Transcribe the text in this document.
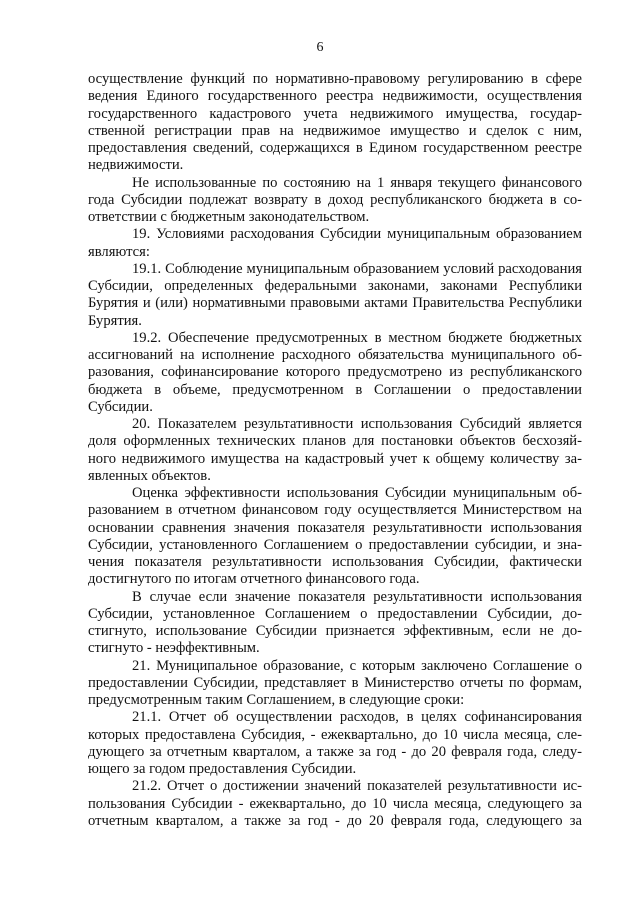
6

осуществление функций по нормативно-правовому регулированию в сфере ведения Единого государственного реестра недвижимости, осуществления государственного кадастрового учета недвижимого имущества, государственной регистрации прав на недвижимое имущество и сделок с ним, предоставления сведений, содержащихся в Едином государственном реестре недвижимости.

Не использованные по состоянию на 1 января текущего финансового года Субсидии подлежат возврату в доход республиканского бюджета в соответствии с бюджетным законодательством.

19. Условиями расходования Субсидии муниципальным образованием являются:

19.1. Соблюдение муниципальным образованием условий расходования Субсидии, определенных федеральными законами, законами Республики Бурятия и (или) нормативными правовыми актами Правительства Республики Бурятия.

19.2. Обеспечение предусмотренных в местном бюджете бюджетных ассигнований на исполнение расходного обязательства муниципального образования, софинансирование которого предусмотрено из республиканского бюджета в объеме, предусмотренном в Соглашении о предоставлении Субсидии.

20. Показателем результативности использования Субсидий является доля оформленных технических планов для постановки объектов бесхозяйного недвижимого имущества на кадастровый учет к общему количеству заявленных объектов.

Оценка эффективности использования Субсидии муниципальным образованием в отчетном финансовом году осуществляется Министерством на основании сравнения значения показателя результативности использования Субсидии, установленного Соглашением о предоставлении субсидии, и значения показателя результативности использования Субсидии, фактически достигнутого по итогам отчетного финансового года.

В случае если значение показателя результативности использования Субсидии, установленное Соглашением о предоставлении Субсидии, достигнуто, использование Субсидии признается эффективным, если не достигнуто - неэффективным.

21. Муниципальное образование, с которым заключено Соглашение о предоставлении Субсидии, представляет в Министерство отчеты по формам, предусмотренным таким Соглашением, в следующие сроки:

21.1. Отчет об осуществлении расходов, в целях софинансирования которых предоставлена Субсидия, - ежеквартально, до 10 числа месяца, следующего за отчетным кварталом, а также за год - до 20 февраля года, следующего за годом предоставления Субсидии.

21.2. Отчет о достижении значений показателей результативности использования Субсидии - ежеквартально, до 10 числа месяца, следующего за отчетным кварталом, а также за год - до 20 февраля года, следующего за
